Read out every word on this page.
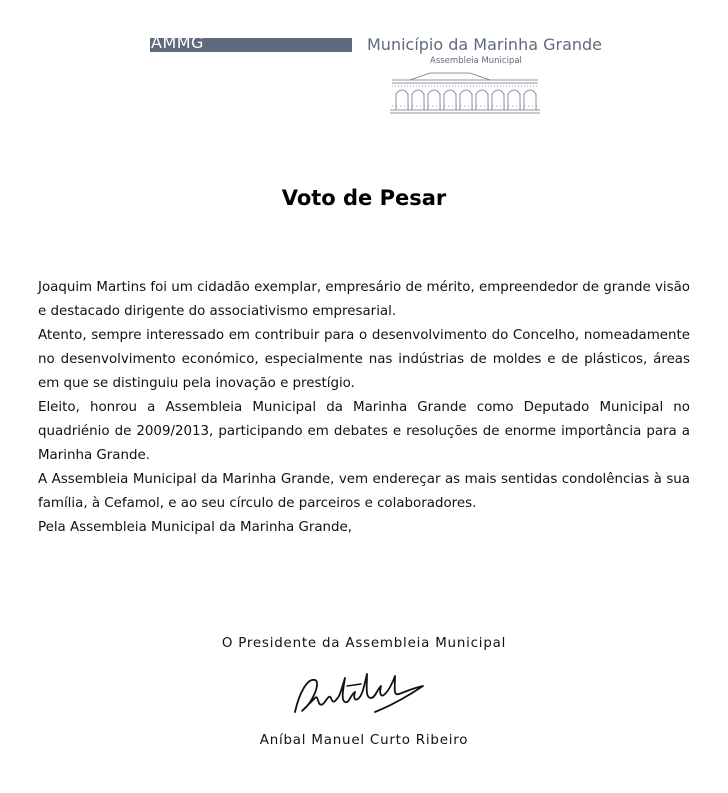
AMMG	Município da Marinha Grande
Assembleia Municipal
Voto de Pesar

Joaquim Martins foi um cidadão exemplar, empresário de mérito, empreendedor de grande visão e destacado dirigente do associativismo empresarial.

Atento, sempre interessado em contribuir para o desenvolvimento do Concelho, nomeadamente no desenvolvimento económico, especialmente nas indústrias de moldes e de plásticos, áreas em que se distinguiu pela inovação e prestígio.

Eleito, honrou a Assembleia Municipal da Marinha Grande como Deputado Municipal no quadriénio de 2009/2013, participando em debates e resoluções de enorme importância para a Marinha Grande.

A Assembleia Municipal da Marinha Grande, vem endereçar as mais sentidas condolências à sua família, à Cefamol, e ao seu círculo de parceiros e colaboradores.

Pela Assembleia Municipal da Marinha Grande,

O Presidente da Assembleia Municipal
Aníbal Manuel Curto Ribeiro
